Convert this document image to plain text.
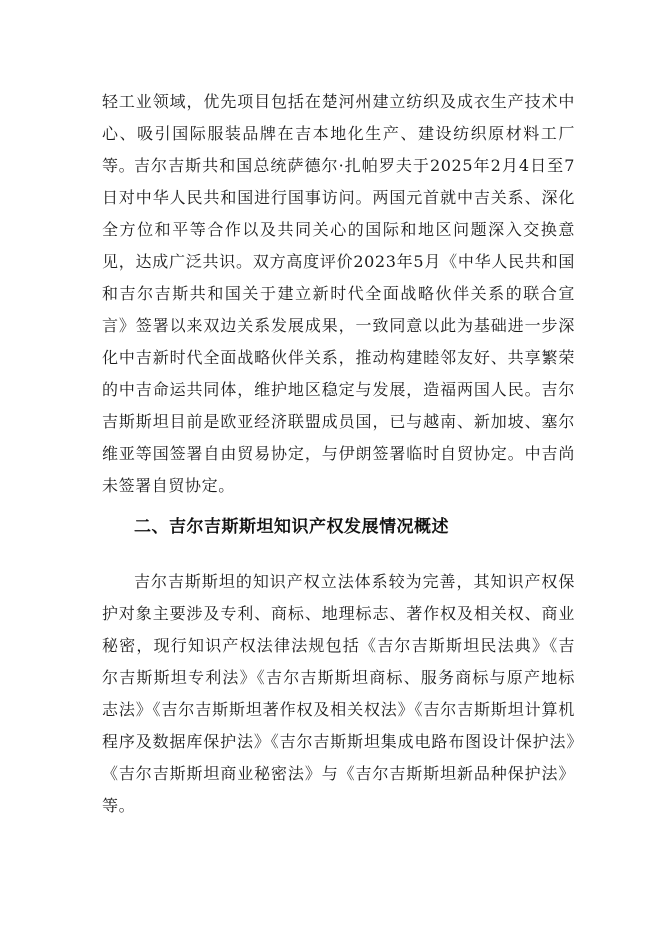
轻工业领域，优先项目包括在楚河州建立纺织及成衣生产技术中心、吸引国际服装品牌在吉本地化生产、建设纺织原材料工厂等。

吉尔吉斯共和国总统萨德尔·扎帕罗夫于2025年2月4日至7日对中华人民共和国进行国事访问。两国元首就中吉关系、深化全方位和平等合作以及共同关心的国际和地区问题深入交换意见，达成广泛共识。双方高度评价2023年5月《中华人民共和国和吉尔吉斯共和国关于建立新时代全面战略伙伴关系的联合宣言》签署以来双边关系发展成果，一致同意以此为基础进一步深化中吉新时代全面战略伙伴关系，推动构建睦邻友好、共享繁荣的中吉命运共同体，维护地区稳定与发展，造福两国人民。吉尔吉斯斯坦目前是欧亚经济联盟成员国，已与越南、新加坡、塞尔维亚等国签署自由贸易协定，与伊朗签署临时自贸协定。中吉尚未签署自贸协定。

二、吉尔吉斯斯坦知识产权发展情况概述

吉尔吉斯斯坦的知识产权立法体系较为完善，其知识产权保护对象主要涉及专利、商标、地理标志、著作权及相关权、商业秘密，现行知识产权法律法规包括《吉尔吉斯斯坦民法典》《吉尔吉斯斯坦专利法》《吉尔吉斯斯坦商标、服务商标与原产地标志法》《吉尔吉斯斯坦著作权及相关权法》《吉尔吉斯斯坦计算机程序及数据库保护法》《吉尔吉斯斯坦集成电路布图设计保护法》《吉尔吉斯斯坦商业秘密法》与《吉尔吉斯斯坦新品种保护法》等。
